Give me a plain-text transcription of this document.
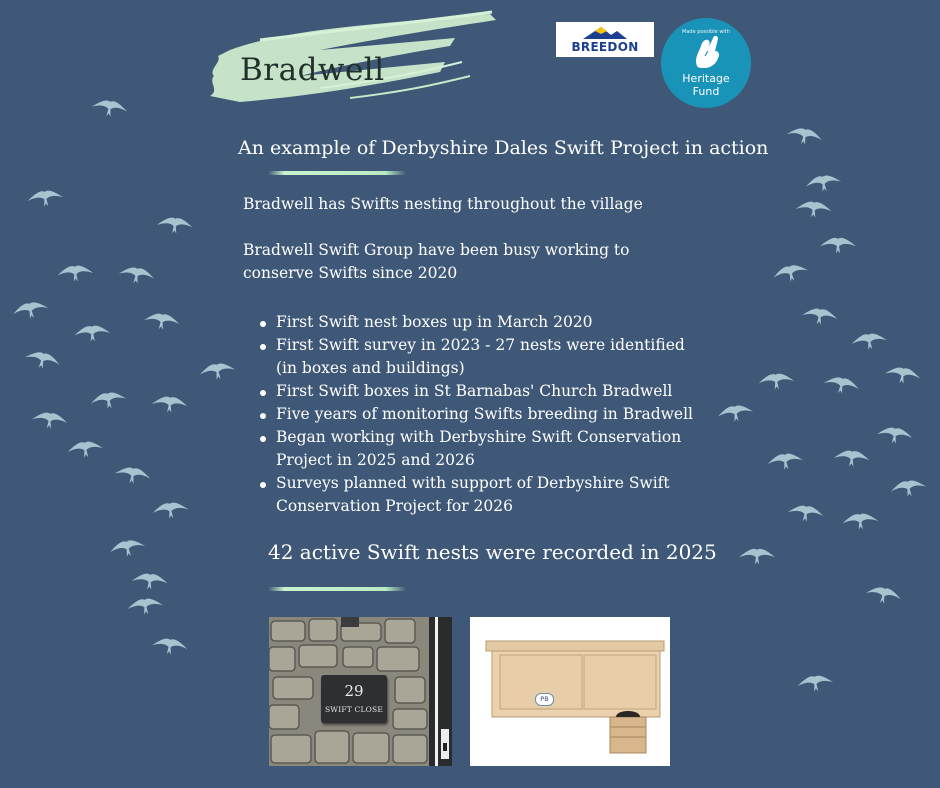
Bradwell
BREEDON
Made possible with
Heritage
Fund
An example of Derbyshire Dales Swift Project in action
Bradwell has Swifts nesting throughout the village
Bradwell Swift Group have been busy working to
conserve Swifts since 2020
First Swift nest boxes up in March 2020
First Swift survey in 2023 - 27 nests were identified
(in boxes and buildings)
First Swift boxes in St Barnabas' Church Bradwell
Five years of monitoring Swifts breeding in Bradwell
Began working with Derbyshire Swift Conservation
Project in 2025 and 2026
Surveys planned with support of Derbyshire Swift
Conservation Project for 2026
42 active Swift nests were recorded in 2025
29
SWIFT CLOSE
PB
